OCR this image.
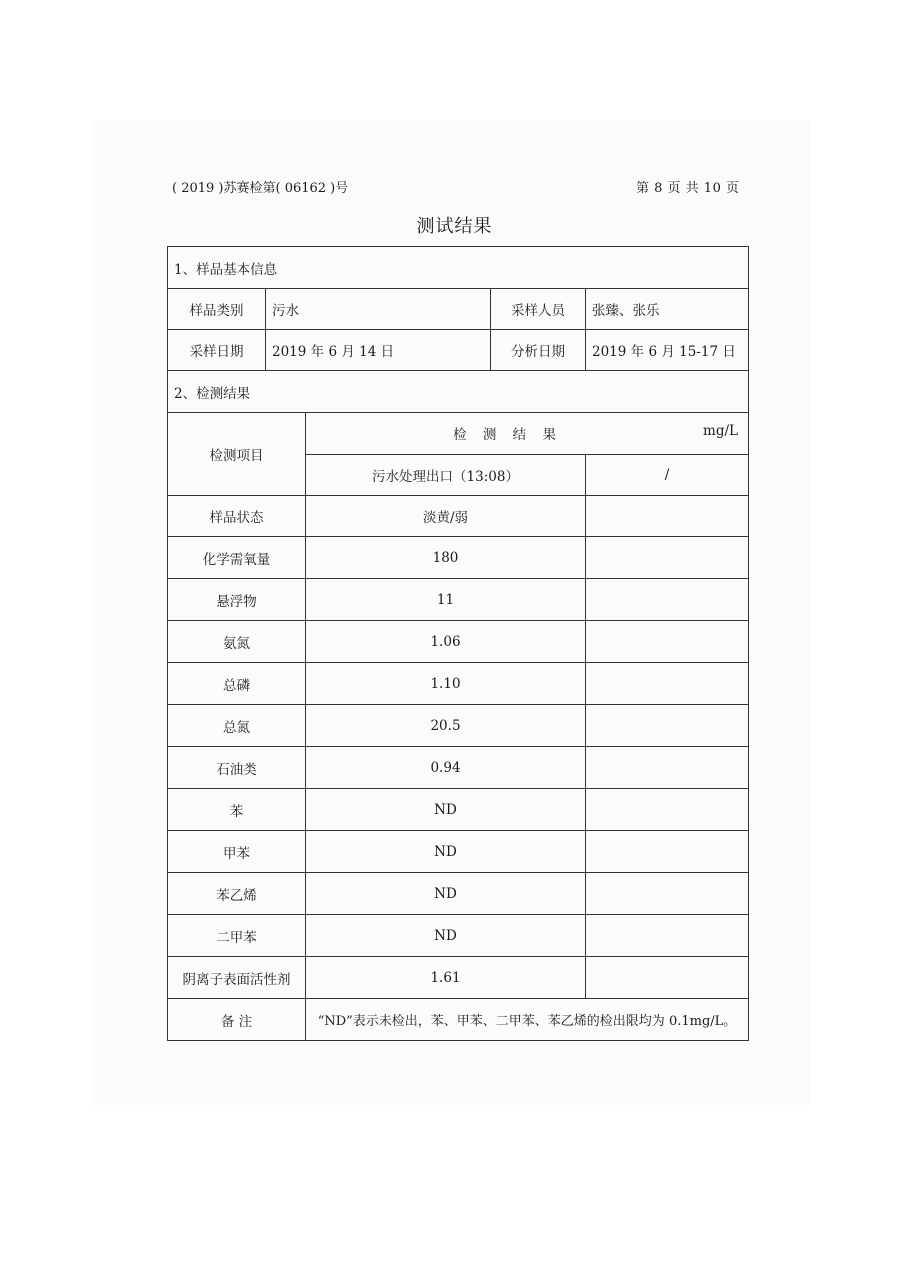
( 2019 )苏赛检第( 06162 )号	第 8 页 共 10 页
测试结果
1、样品基本信息				
样品类别	污水		采样人员	张臻、张乐
采样日期	2019 年 6 月 14 日		分析日期	2019 年 6 月 15-17 日
2、检测结果				
检测项目		检 测 结 果 mg/L		

		污水处理出口（13:08）		/
样品状态		淡黄/弱		
化学需氧量		180		
悬浮物		11		
氨氮		1.06		
总磷		1.10		
总氮		20.5		
石油类		0.94		
苯		ND		
甲苯		ND		
苯乙烯		ND		
二甲苯		ND		
阴离子表面活性剂		1.61		
备 注		“ND”表示未检出，苯、甲苯、二甲苯、苯乙烯的检出限均为 0.1mg/L。		
